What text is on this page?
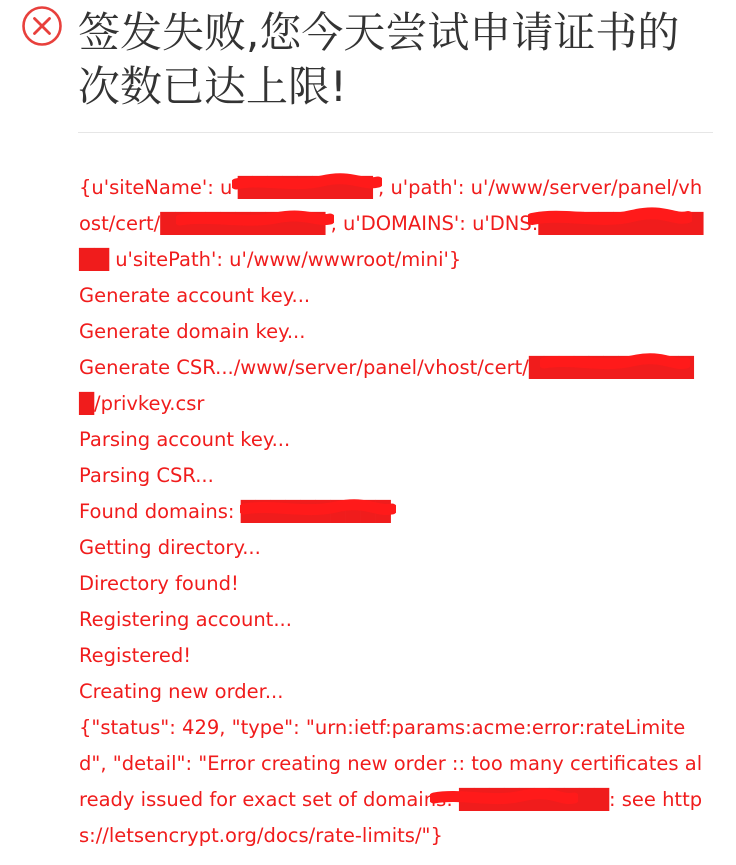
签发失败,您今天尝试申请证书的次数已达上限!
{u'siteName': u'█████████', u'path': u'/www/server/panel/vhost/cert/███████████', u'DOMAINS': u'DNS:█████████████ u'sitePath': u'/www/wwwroot/mini'}
Generate account key...
Generate domain key...
Generate CSR.../www/server/panel/vhost/cert/████████████/privkey.csr
Parsing account key...
Parsing CSR...
Found domains: ██████████
Getting directory...
Directory found!
Registering account...
Registered!
Creating new order...
{"status": 429, "type": "urn:ietf:params:acme:error:rateLimited", "detail": "Error creating new order :: too many certificates already issued for exact set of domains: ██████████: see https://letsencrypt.org/docs/rate-limits/"}
